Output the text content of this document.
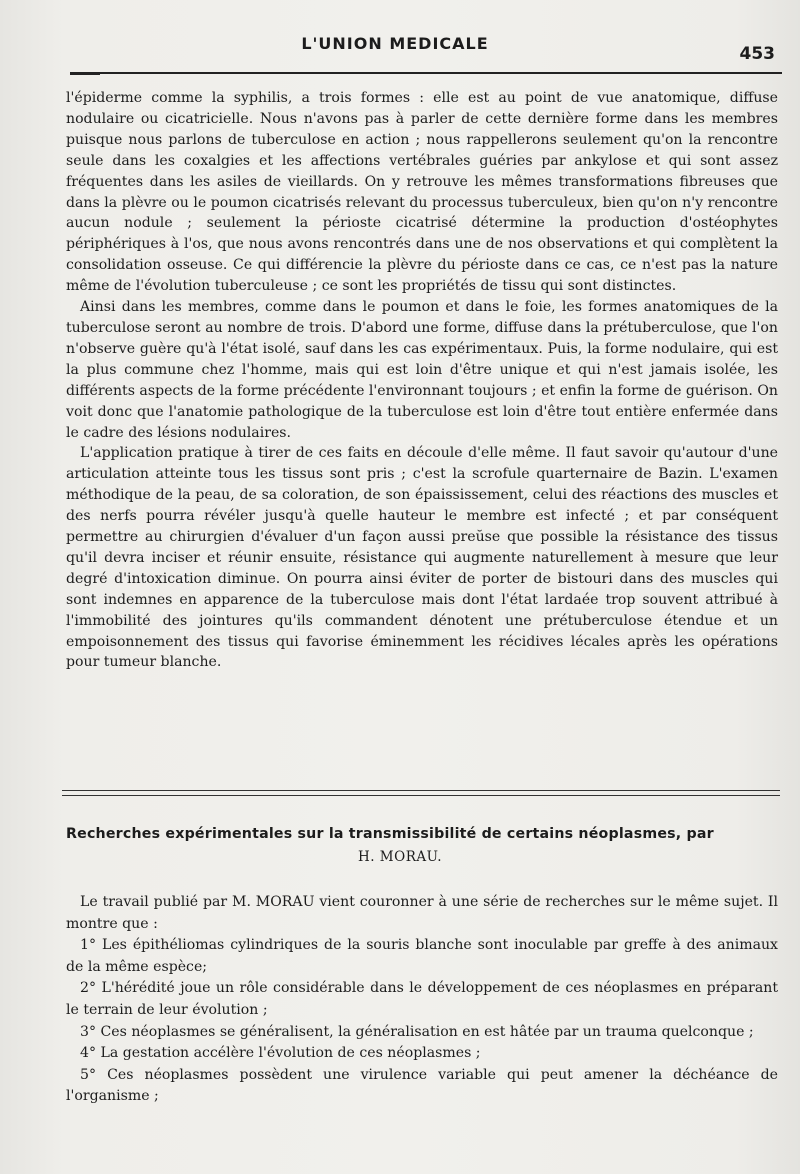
L'UNION MEDICALE
453

l'épiderme comme la syphilis, a trois formes : elle est au point de vue anatomique, diffuse nodulaire ou cicatricielle. Nous n'avons pas à parler de cette dernière forme dans les membres puisque nous parlons de tuberculose en action ; nous rappellerons seulement qu'on la rencontre seule dans les coxalgies et les affections vertébrales guéries par ankylose et qui sont assez fréquentes dans les asiles de vieillards. On y retrouve les mêmes transformations fibreuses que dans la plèvre ou le poumon cicatrisés relevant du processus tuberculeux, bien qu'on n'y rencontre aucun nodule ; seulement la périoste cicatrisé détermine la production d'ostéophytes périphériques à l'os, que nous avons rencontrés dans une de nos observations et qui complètent la consolidation osseuse. Ce qui différencie la plèvre du périoste dans ce cas, ce n'est pas la nature même de l'évolution tuberculeuse ; ce sont les propriétés de tissu qui sont distinctes.

Ainsi dans les membres, comme dans le poumon et dans le foie, les formes anatomiques de la tuberculose seront au nombre de trois. D'abord une forme, diffuse dans la prétuberculose, que l'on n'observe guère qu'à l'état isolé, sauf dans les cas expérimentaux. Puis, la forme nodulaire, qui est la plus commune chez l'homme, mais qui est loin d'être unique et qui n'est jamais isolée, les différents aspects de la forme précédente l'environnant toujours ; et enfin la forme de guérison. On voit donc que l'anatomie pathologique de la tuberculose est loin d'être tout entière enfermée dans le cadre des lésions nodulaires.

L'application pratique à tirer de ces faits en découle d'elle même. Il faut savoir qu'autour d'une articulation atteinte tous les tissus sont pris ; c'est la scrofule quarternaire de Bazin. L'examen méthodique de la peau, de sa coloration, de son épaississement, celui des réactions des muscles et des nerfs pourra révéler jusqu'à quelle hauteur le membre est infecté ; et par conséquent permettre au chirurgien d'évaluer d'un façon aussi preŭse que possible la résistance des tissus qu'il devra inciser et réunir ensuite, résistance qui augmente naturellement à mesure que leur degré d'intoxication diminue. On pourra ainsi éviter de porter de bistouri dans des muscles qui sont indemnes en apparence de la tuberculose mais dont l'état lardaée trop souvent attribué à l'immobilité des jointures qu'ils commandent dénotent une prétuberculose étendue et un empoisonnement des tissus qui favorise éminemment les récidives lécales après les opérations pour tumeur blanche.

Recherches expérimentales sur la transmissibilité de certains néoplasmes, par
H. MORAU.

Le travail publié par M. MORAU vient couronner à une série de recherches sur le même sujet. Il montre que :

1° Les épithéliomas cylindriques de la souris blanche sont inoculable par greffe à des animaux de la même espèce;

2° L'hérédité joue un rôle considérable dans le développement de ces néoplasmes en préparant le terrain de leur évolution ;

3° Ces néoplasmes se généralisent, la généralisation en est hâtée par un trauma quelconque ;

4° La gestation accélère l'évolution de ces néoplasmes ;

5° Ces néoplasmes possèdent une virulence variable qui peut amener la déchéance de l'organisme ;
